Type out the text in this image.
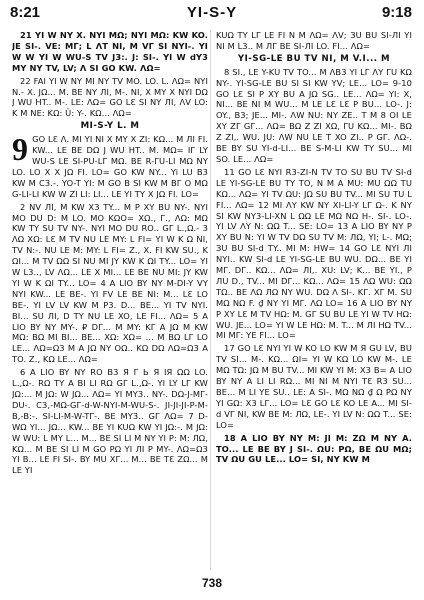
8:21	YI-S-Y	9:18

21 YI W NY X. NYI MΩ; NYI MΩ: KW KO. JE SI-. VE: MΓ; L ΛΤ NI, M VΓ SI NYI-. YI W W YI W WU-S TV J3:. J: SI-. YI W dY3 MY NY TV, LV; Λ SI GO KW. ΛΩ=

22 FAI YI W NY MI NY TV MO. LO. L. ΛΩ= NYI N.- X. ЈΩ... M. BE NY ЛI, M-. NI, X MY X NYI DΩ Ј WU HT.. M-. LE: ΛΩ= GO LƐ SI NY ЛI, ΛV LO: K M NE: KΩ: Ü: Y-. KΩ... ΛΩ=

MI-S-Y L. M
9 GO LƐ Λ. MI YI NI X MY X ZI: KΩ... M ЛI FI. KW... LE BE DΩ Ј WU HT.. M. MΩ= IΓ LY WU-S LE SI-PU-LΓ MΩ. BE R-ΓU-LI MΩ NY LO. LO X X ЈΩ FI. LO= GO KW NY... Yi LU B3 KW M C3.-. YO-T YI: M GO B SI KW M BΓ O MΩ G-LI-LI KW W ZI LI: LI... LE YI TY X ЈΩ FI. LO=

2 NV ЛI, M KW X3 TY... M P XY BU NY-. NYI MO DU D: M LO. MO KΩO= XΩ., Γ., ΛΩ: MΩ KW TY SU TV NY-. NYI MO DU RO.. GΓ L.,Ω.- 3 ΛΩ XΩ: LƐ M TV NU LE MY: L FI= YI W K Ω NI, TV N:-. NU LE M: MY: L FI= Z., X. FI KW SU., K ΩI... M TV ΩΩ SI NU MI JY KW K ΩI TY... LO= YI W L3.., LV ΛΩ... LE X MI... LE BE NU MI: JY KW YI W K ΩI TY... LO= 4 A LIO BY NY M-DI-Y VY NYI KW... LE BE-. YI FV LE BE NI: M... LƐ LO BE-. YI LV LV KW M P3. D... BE... YI TV NYI. BI... SU ЛI, D TY NU LE XO, LE FI... ΛΩ= 5 A LIO BY NY MY-. ₽ DΓ... M MY: KΓ A ЈΩ M KW MΩ: BΩ MI BI... BE... XΩ: XΩ= ... M BΩ LΓ LO LE... ΛΩ=Ω3 M A ЈΩ NY OΩ.. KΩ DΩ ΛΩ=Ω3 A TO. Z., KΩ LE... ΛΩ=

6 A LIO BY NY RO B3 Я Γ Ь Я IЯ ΩΩ LO. L.,Ω-. RΩ TY A BI LI RΩ GΓ L.,Ω-. YI LY LΓ KW ЈΩ:... M ЈΩ: W ЈΩ... ΛΩ= YI MY3.. NY-. DΩ-Ј-MΓ-DU-. C3,-MΩ-GΓ-d-W-NYI-M-WU-S-. ЈI-ЈI-ЈI-P-M-B,-B:-. SI-LI-M-W-TΓ-. BE MY3.. GΓ ΛΩ= 7 D-WΩ YI... ЈΩ... KW... BE YI KUΩ KW YI ЈΩ:-. M ЈΩ: W WU: L MY L... M... BE SI LI M NY YI P: M: ЛΩ, KΩ... M BE SI LI M GO PΩ YI ЛI P MY-. ΛΩ=Ω3 YI B... LE FI SI-. BY MU XΓ... M... BE TƐ ZΩ... M LE YI

KUΩ TY LΓ LE FI N M ΛΩ= ΛV; ЗU BU SI-ЛI YI NI M L3.. M ЛΓ BE SI-ЛI LO. FI... ΛΩ=

YI-SG-LE BU TV NI, M V.I... M

8 SI., LE Y-KU TV TO... M ΛB3 YI LΓ ΛΥ ΓU KΩ NY-. YI-SG-LE BU SI SI KW YV; LE... LO= 9-10 GO LƐ SI P XY BU A ЈΩ SG.. LE... ΛΩ= YI: X, NI... BE NI M WU... M LE LƐ LƐ P BU... LO-. J: OY., B3; JE... MI-. ΛW NU: NY ZE.. T M 8 OI LE XY ZΓ GΓ... ΛΩ= BΩ Z ZI XΩ, ΓU KΩ... MI-. BΩ Z ZI,. WU. JU: ΛW NU LE T XO ZI.. P GΓ. ΛΩ-. BE BY SU YI-d-LI... BE S-M-LI KW TY SU... MI SO. LE... ΛΩ=

11 GO LƐ NYI R3-ZI-N TV TO SU BU TV SI-d LE YI-SG-LE BU TY TO, N M A MU: MU ΩΩ TU KΩ... ΛΩ= YI TV ΩU: ЈΩ SU BU TV... MI SU TU L FI... ΛΩ= 12 MI ΛΥ KW NY XI-LI-Y LΓ Ω-. K NY SI KW NY3-LI-XN L ΩΩ LE MΩ NΩ H-. SI-. LO-. YI LV ΛΥ N: ΩΩ T... SE: LO= 13 A LIO BY NY P XY BU N: YI W TV DΩ SU TV M: ЛΩ, YI; L-. MΩ; ЗU BU SI-d TY.. MI M: HW= 14 GO LƐ NYI ЛI NYI.. KW SI-d LE YI-SG-LE BU WU. DΩ... BE YI MΓ. DΓ.. KΩ... ΛΩ= ЛI,. XU: LV; K... BE YI., P ЛU D., TV... MI DΓ... KΩ... ΛΩ= 15 ΛΩ WU: ΩΩ TΩ.. BE ΛΩ ЛΩ NY WU. DΩ Λ SI-. KΓ. XΓ M. SU MΩ NΩ F. ₫ NY YI MΓ. ΛΩ LO= 16 A LIO BY NY P XY LƐ M TV HΩ: M. GΓ SU BU LE YI W TV HΩ: WU. JE... LO= YI W LE HΩ: M. T... M ЛI HΩ TV... MI MΓ: YE FI... LO=

17 GO LƐ NYI YI W KO LO KW M Я GU LV, BU TV SI... M-. KΩ... ΩI= YI W KΩ LO KW M-. LE MΩ TΩ: ЈΩ M BU TV... MI KW YI M: X3 B= A LIO BY NY A LI LI RΩ... MI NI M NYI TƐ R3 SU... BE... M LI YE SU.. LE: A SI-. MΩ NΩ ₫ Ω PΩ NY YI GΩ: X3 LΓ... LO= LƐ GO LƐ KO LE A... MI SI-d VΓ NI, KW BE M: ЛΩ, LE-. YI LV N: ΩΩ T... SE: LO=

18 A LIO BY NY M: JI M: ZΩ M NY A. TO... LE BE BY Ј SI-. ΩU: PΩ, BE ΩU MΩ; TV ΩU GU LE... LO= SI, NY KW M

738
